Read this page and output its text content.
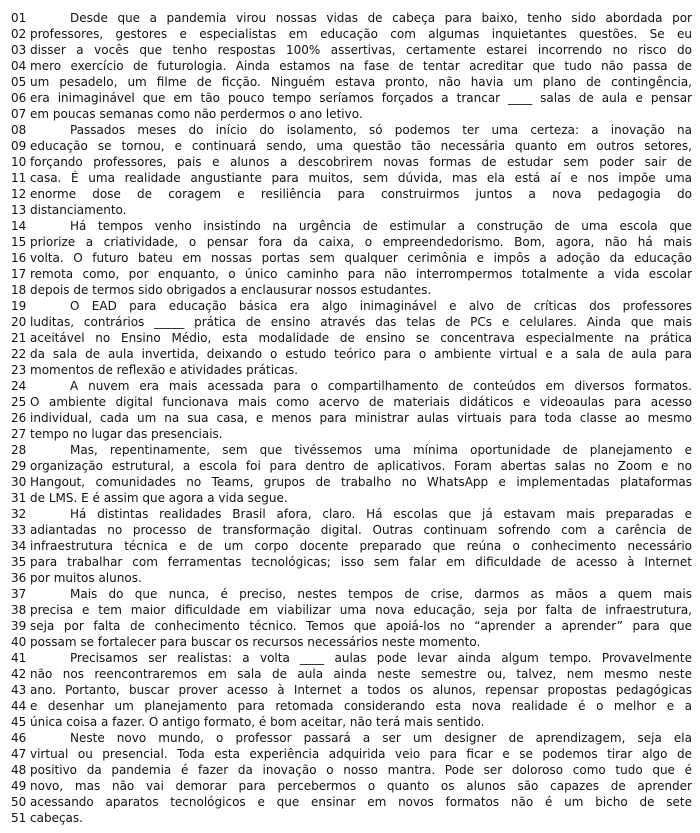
01	Desde que a pandemia virou nossas vidas de cabeça para baixo, tenho sido abordada por
02 professores, gestores e especialistas em educação com algumas inquietantes questões. Se eu
03 disser a vocês que tenho respostas 100% assertivas, certamente estarei incorrendo no risco do
04 mero exercício de futurologia. Ainda estamos na fase de tentar acreditar que tudo não passa de
05 um pesadelo, um filme de ficção. Ninguém estava pronto, não havia um plano de contingência,
06 era inimaginável que em tão pouco tempo seríamos forçados a trancar ____ salas de aula e pensar
07 em poucas semanas como não perdermos o ano letivo.
08	Passados meses do início do isolamento, só podemos ter uma certeza: a inovação na
09 educação se tornou, e continuará sendo, uma questão tão necessária quanto em outros setores,
10 forçando professores, pais e alunos a descobrirem novas formas de estudar sem poder sair de
11 casa. É uma realidade angustiante para muitos, sem dúvida, mas ela está aí e nos impõe uma
12 enorme dose de coragem e resiliência para construirmos juntos a nova pedagogia do
13 distanciamento.
14	Há tempos venho insistindo na urgência de estimular a construção de uma escola que
15 priorize a criatividade, o pensar fora da caixa, o empreendedorismo. Bom, agora, não há mais
16 volta. O futuro bateu em nossas portas sem qualquer cerimônia e impôs a adoção da educação
17 remota como, por enquanto, o único caminho para não interrompermos totalmente a vida escolar
18 depois de termos sido obrigados a enclausurar nossos estudantes.
19	O EAD para educação básica era algo inimaginável e alvo de críticas dos professores
20 luditas, contrários _____ prática de ensino através das telas de PCs e celulares. Ainda que mais
21 aceitável no Ensino Médio, esta modalidade de ensino se concentrava especialmente na prática
22 da sala de aula invertida, deixando o estudo teórico para o ambiente virtual e a sala de aula para
23 momentos de reflexão e atividades práticas.
24	A nuvem era mais acessada para o compartilhamento de conteúdos em diversos formatos.
25 O ambiente digital funcionava mais como acervo de materiais didáticos e videoaulas para acesso
26 individual, cada um na sua casa, e menos para ministrar aulas virtuais para toda classe ao mesmo
27 tempo no lugar das presenciais.
28	Mas, repentinamente, sem que tivéssemos uma mínima oportunidade de planejamento e
29 organização estrutural, a escola foi para dentro de aplicativos. Foram abertas salas no Zoom e no
30 Hangout, comunidades no Teams, grupos de trabalho no WhatsApp e implementadas plataformas
31 de LMS. E é assim que agora a vida segue.
32	Há distintas realidades Brasil afora, claro. Há escolas que já estavam mais preparadas e
33 adiantadas no processo de transformação digital. Outras continuam sofrendo com a carência de
34 infraestrutura técnica e de um corpo docente preparado que reúna o conhecimento necessário
35 para trabalhar com ferramentas tecnológicas; isso sem falar em dificuldade de acesso à Internet
36 por muitos alunos.
37	Mais do que nunca, é preciso, nestes tempos de crise, darmos as mãos a quem mais
38 precisa e tem maior dificuldade em viabilizar uma nova educação, seja por falta de infraestrutura,
39 seja por falta de conhecimento técnico. Temos que apoiá-los no “aprender a aprender” para que
40 possam se fortalecer para buscar os recursos necessários neste momento.
41	Precisamos ser realistas: a volta ____ aulas pode levar ainda algum tempo. Provavelmente
42 não nos reencontraremos em sala de aula ainda neste semestre ou, talvez, nem mesmo neste
43 ano. Portanto, buscar prover acesso à Internet a todos os alunos, repensar propostas pedagógicas
44 e desenhar um planejamento para retomada considerando esta nova realidade é o melhor e a
45 única coisa a fazer. O antigo formato, é bom aceitar, não terá mais sentido.
46	Neste novo mundo, o professor passará a ser um designer de aprendizagem, seja ela
47 virtual ou presencial. Toda esta experiência adquirida veio para ficar e se podemos tirar algo de
48 positivo da pandemia é fazer da inovação o nosso mantra. Pode ser doloroso como tudo que é
49 novo, mas não vai demorar para percebermos o quanto os alunos são capazes de aprender
50 acessando aparatos tecnológicos e que ensinar em novos formatos não é um bicho de sete
51 cabeças.
